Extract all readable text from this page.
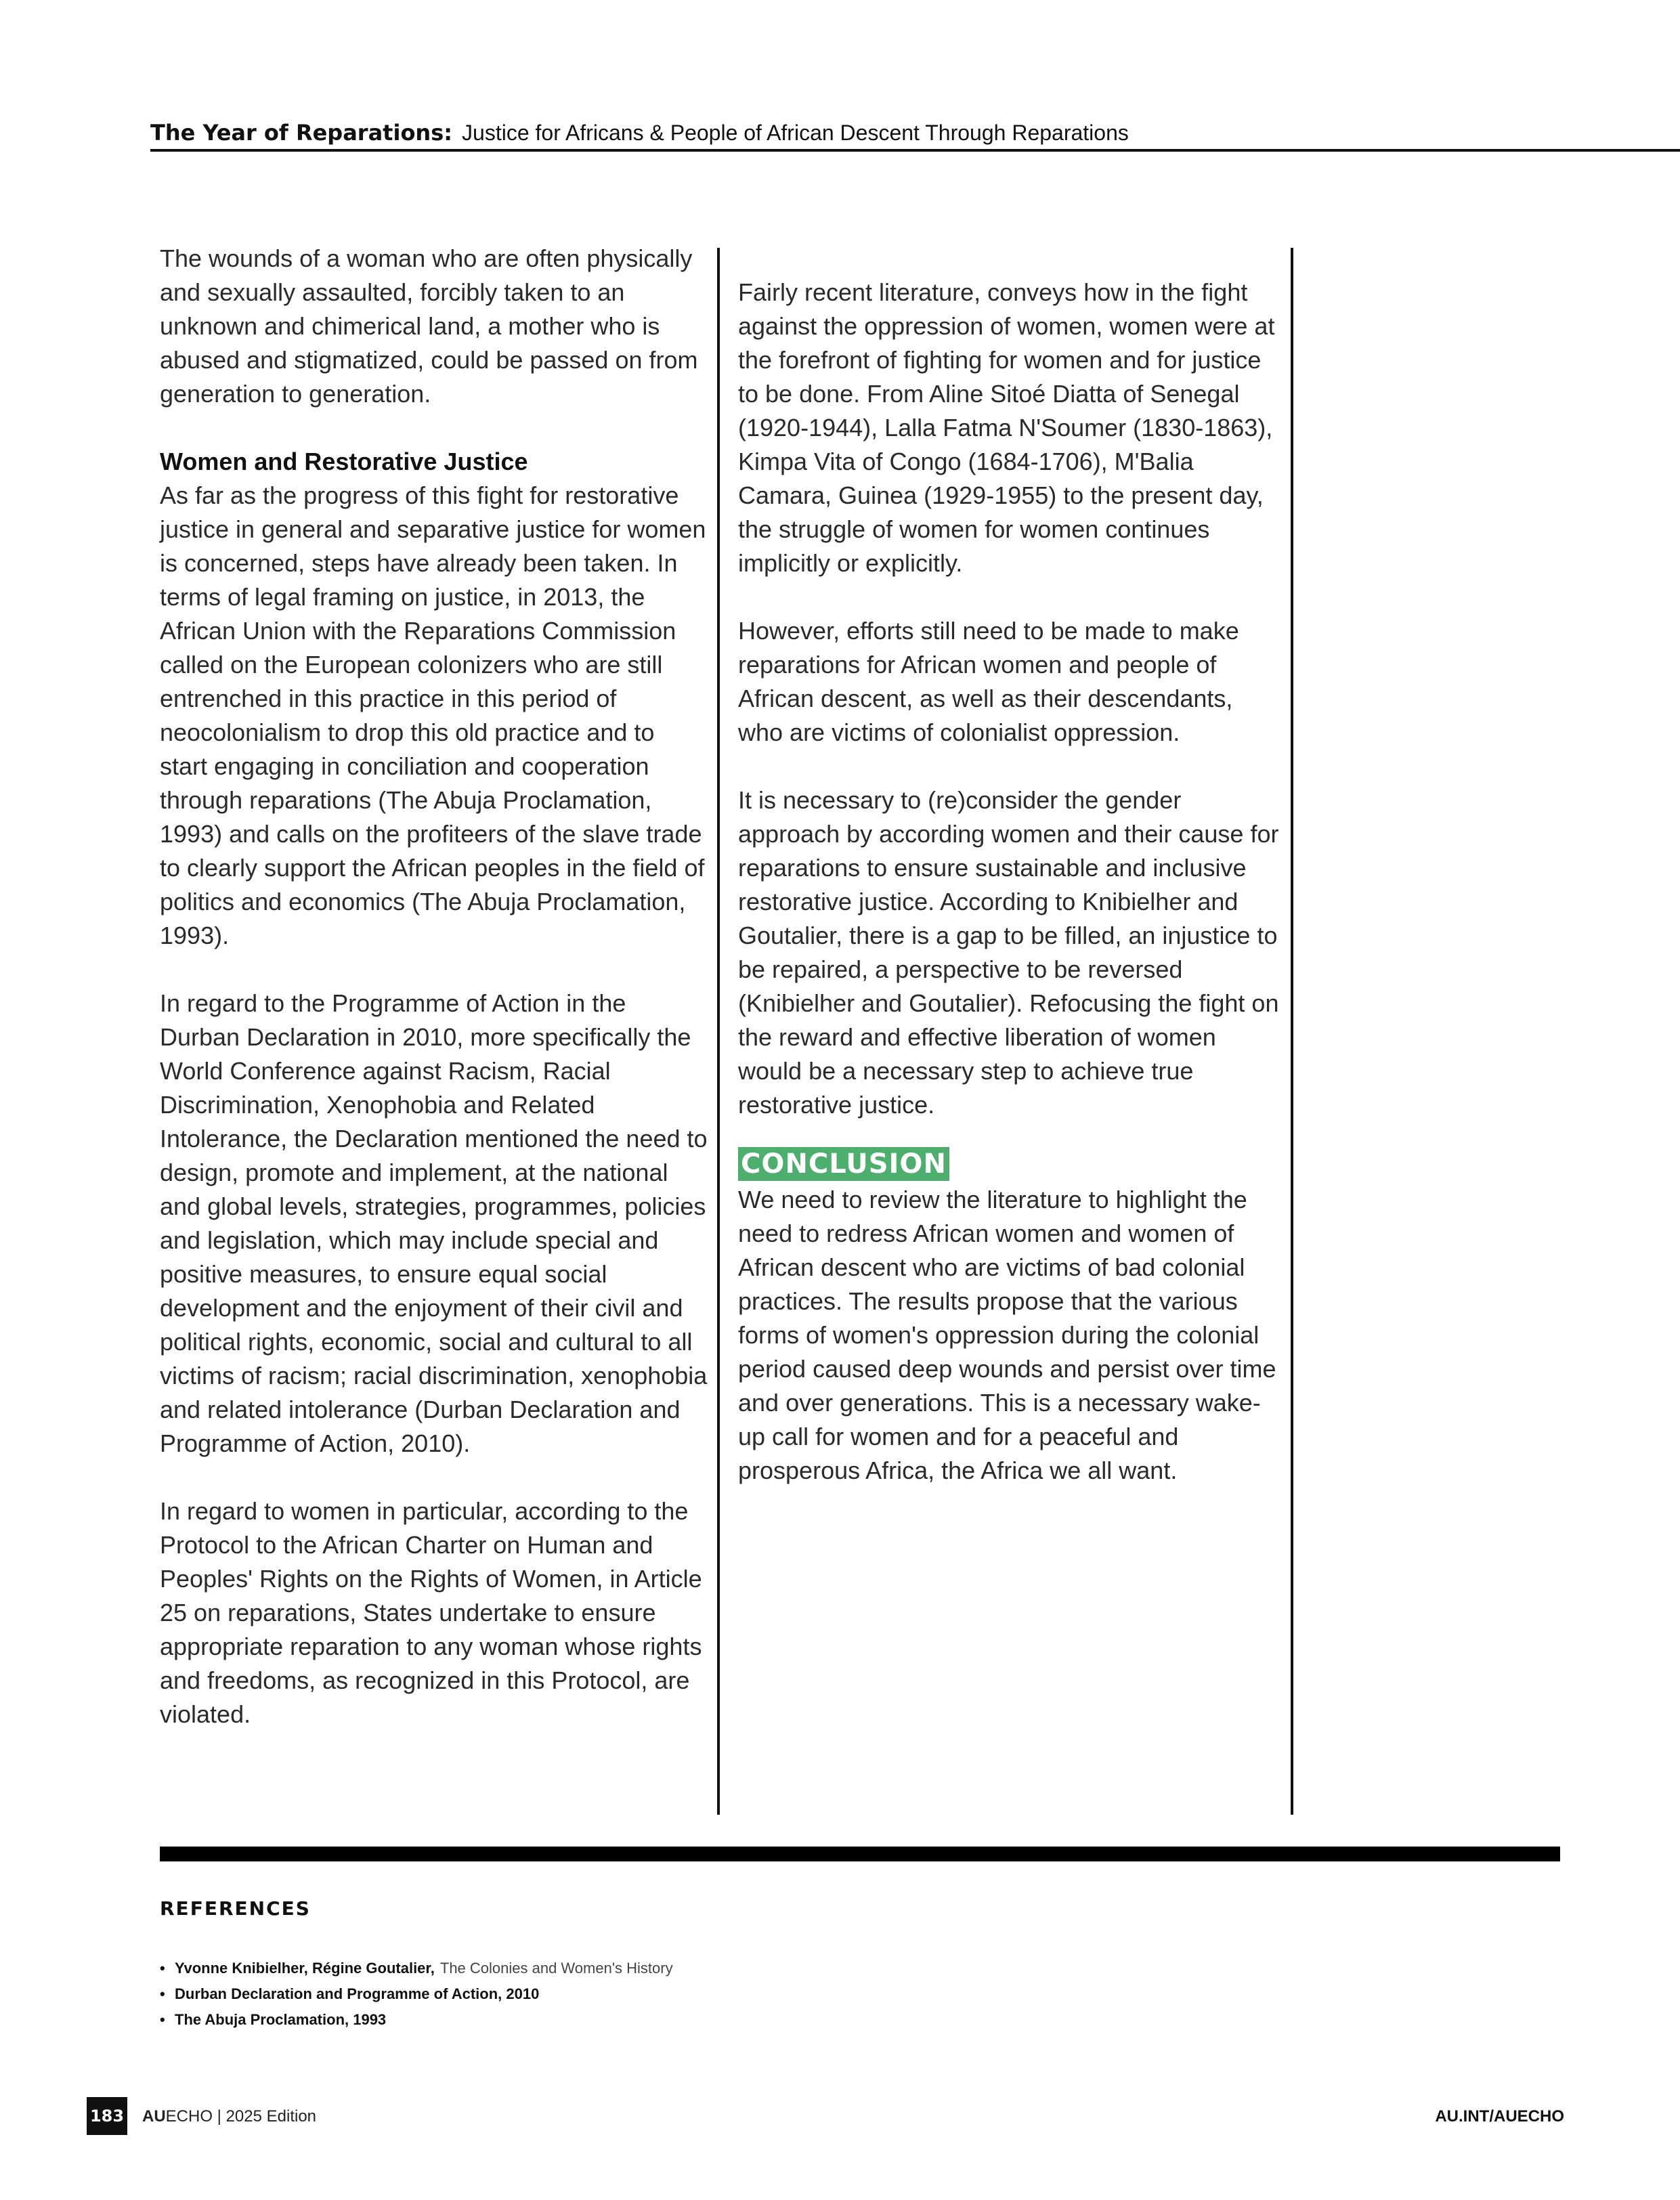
The Year of Reparations: Justice for Africans & People of African Descent Through Reparations

The wounds of a woman who are often physically and sexually assaulted, forcibly taken to an unknown and chimerical land, a mother who is abused and stigmatized, could be passed on from generation to generation.

Women and Restorative Justice
As far as the progress of this fight for restorative justice in general and separative justice for women is concerned, steps have already been taken. In terms of legal framing on justice, in 2013, the African Union with the Reparations Commission called on the European colonizers who are still entrenched in this practice in this period of neocolonialism to drop this old practice and to start engaging in conciliation and cooperation through reparations (The Abuja Proclamation, 1993) and calls on the profiteers of the slave trade to clearly support the African peoples in the field of politics and economics (The Abuja Proclamation, 1993).

In regard to the Programme of Action in the Durban Declaration in 2010, more specifically the World Conference against Racism, Racial Discrimination, Xenophobia and Related Intolerance, the Declaration mentioned the need to design, promote and implement, at the national and global levels, strategies, programmes, policies and legislation, which may include special and positive measures, to ensure equal social development and the enjoyment of their civil and political rights, economic, social and cultural to all victims of racism; racial discrimination, xenophobia and related intolerance (Durban Declaration and Programme of Action, 2010).

In regard to women in particular, according to the Protocol to the African Charter on Human and Peoples' Rights on the Rights of Women, in Article 25 on reparations, States undertake to ensure appropriate reparation to any woman whose rights and freedoms, as recognized in this Protocol, are violated.

Fairly recent literature, conveys how in the fight against the oppression of women, women were at the forefront of fighting for women and for justice to be done. From Aline Sitoé Diatta of Senegal (1920-1944), Lalla Fatma N'Soumer (1830-1863), Kimpa Vita of Congo (1684-1706), M'Balia Camara, Guinea (1929-1955) to the present day, the struggle of women for women continues implicitly or explicitly.

However, efforts still need to be made to make reparations for African women and people of African descent, as well as their descendants, who are victims of colonialist oppression.

It is necessary to (re)consider the gender approach by according women and their cause for reparations to ensure sustainable and inclusive restorative justice. According to Knibielher and Goutalier, there is a gap to be filled, an injustice to be repaired, a perspective to be reversed (Knibielher and Goutalier). Refocusing the fight on the reward and effective liberation of women would be a necessary step to achieve true restorative justice.

CONCLUSION

We need to review the literature to highlight the need to redress African women and women of African descent who are victims of bad colonial practices. The results propose that the various forms of women's oppression during the colonial period caused deep wounds and persist over time and over generations. This is a necessary wake-up call for women and for a peaceful and prosperous Africa, the Africa we all want.

REFERENCES
• Yvonne Knibielher, Régine Goutalier, The Colonies and Women's History
• Durban Declaration and Programme of Action, 2010
• The Abuja Proclamation, 1993
183 AUECHO | 2025 Edition	AU.INT/AUECHO
